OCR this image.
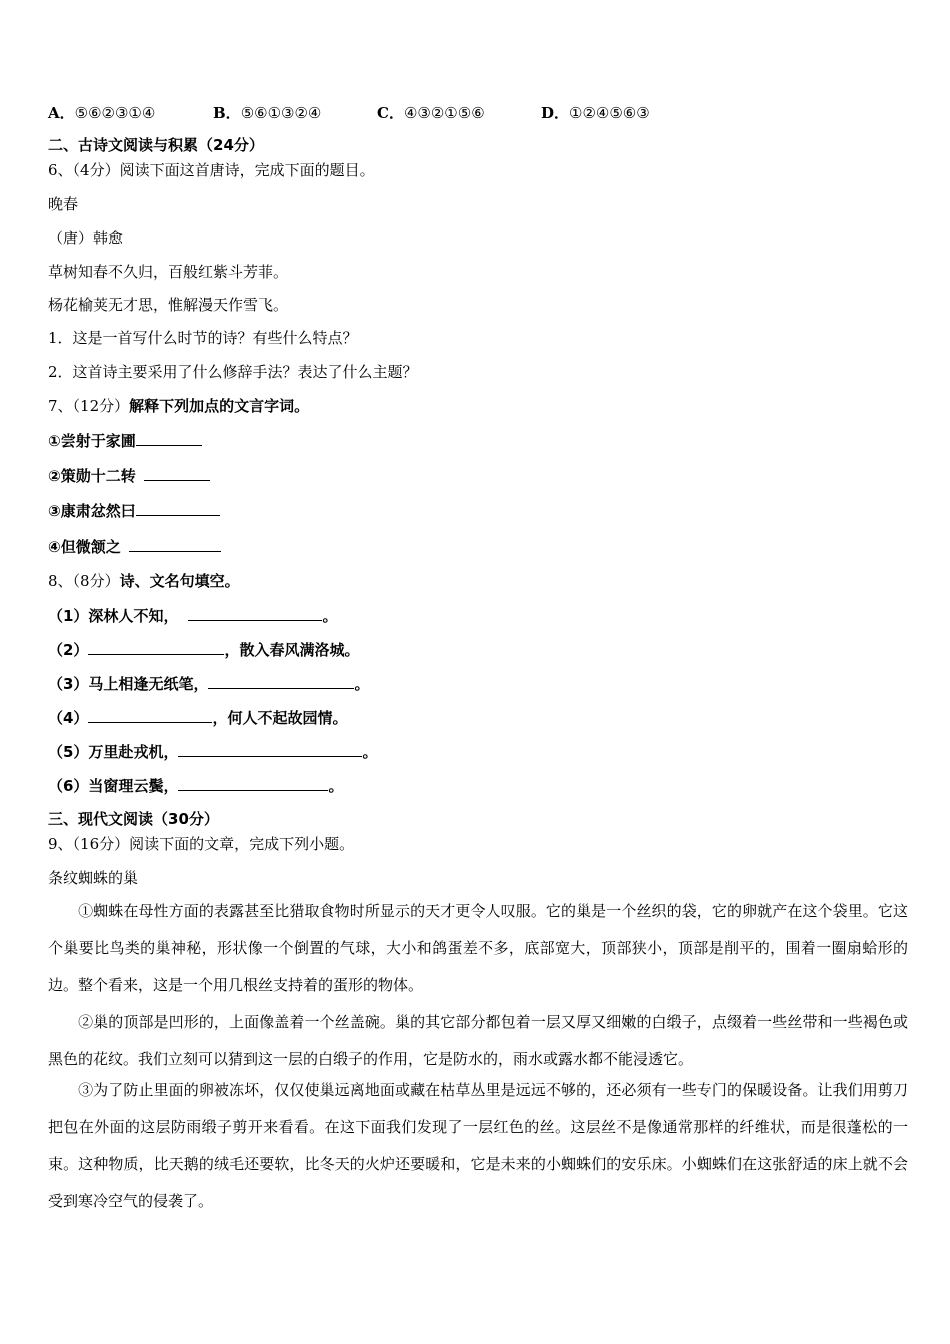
A．⑤⑥②③①④	B．⑤⑥①③②④	C．④③②①⑤⑥	D．①②④⑤⑥③
二、古诗文阅读与积累（24分）
6、（4分）阅读下面这首唐诗，完成下面的题目。
晚春
（唐）韩愈
草树知春不久归，百般红紫斗芳菲。
杨花榆荚无才思，惟解漫天作雪飞。
1．这是一首写什么时节的诗？有些什么特点？
2．这首诗主要采用了什么修辞手法？表达了什么主题？
7、（12分）解释下列加点的文言字词。
①尝射于家圃
②策勋十二转
③康肃忿然曰
④但微颔之
8、（8分）诗、文名句填空。
（1）深林人不知，	。
（2）	，散入春风满洛城。
（3）马上相逢无纸笔，	。
（4）	，何人不起故园情。
（5）万里赴戎机，	。
（6）当窗理云鬓，	。
三、现代文阅读（30分）
9、（16分）阅读下面的文章，完成下列小题。
条纹蜘蛛的巢
①蜘蛛在母性方面的表露甚至比猎取食物时所显示的天才更令人叹服。它的巢是一个丝织的袋，它的卵就产在这个袋里。它这个巢要比鸟类的巢神秘，形状像一个倒置的气球，大小和鸽蛋差不多，底部宽大，顶部狭小，顶部是削平的，围着一圈扇蛤形的边。整个看来，这是一个用几根丝支持着的蛋形的物体。
②巢的顶部是凹形的，上面像盖着一个丝盖碗。巢的其它部分都包着一层又厚又细嫩的白缎子，点缀着一些丝带和一些褐色或黑色的花纹。我们立刻可以猜到这一层的白缎子的作用，它是防水的，雨水或露水都不能浸透它。
③为了防止里面的卵被冻坏，仅仅使巢远离地面或藏在枯草丛里是远远不够的，还必须有一些专门的保暖设备。让我们用剪刀把包在外面的这层防雨缎子剪开来看看。在这下面我们发现了一层红色的丝。这层丝不是像通常那样的纤维状，而是很蓬松的一束。这种物质，比天鹅的绒毛还要软，比冬天的火炉还要暖和，它是未来的小蜘蛛们的安乐床。小蜘蛛们在这张舒适的床上就不会受到寒冷空气的侵袭了。
